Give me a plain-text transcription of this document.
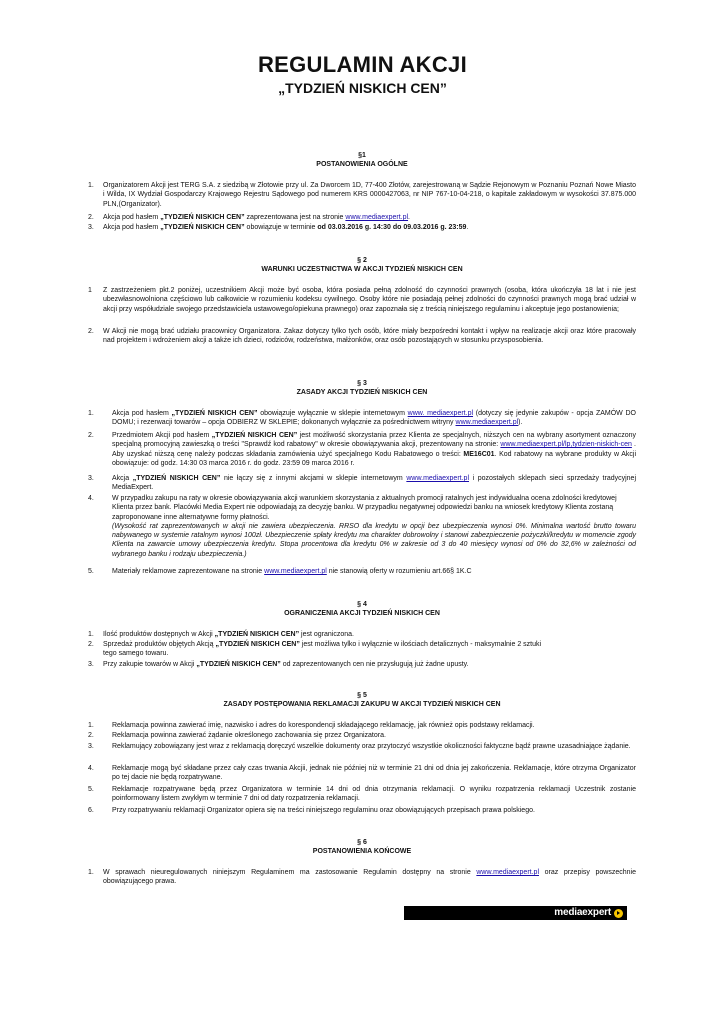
REGULAMIN AKCJI
„TYDZIEŃ NISKICH CEN”
§1
POSTANOWIENIA OGÓLNE
1. Organizatorem Akcji jest TERG S.A. z siedzibą w Złotowie przy ul. Za Dworcem 1D, 77-400 Złotów, zarejestrowaną w Sądzie Rejonowym w Poznaniu Poznań Nowe Miasto i Wilda, IX Wydział Gospodarczy Krajowego Rejestru Sądowego pod numerem KRS 0000427063, nr NIP 767-10-04-218, o kapitale zakładowym w wysokości 37.875.000 PLN,(Organizator).
2. Akcja pod hasłem „TYDZIEŃ NISKICH CEN” zaprezentowana jest na stronie www.mediaexpert.pl.
3. Akcja pod hasłem „TYDZIEŃ NISKICH CEN” obowiązuje w terminie od 03.03.2016 g. 14:30 do 09.03.2016 g. 23:59.
§ 2
WARUNKI UCZESTNICTWA W AKCJI TYDZIEŃ NISKICH CEN
1 Z zastrzeżeniem pkt.2 poniżej, uczestnikiem Akcji może być osoba, która posiada pełną zdolność do czynności prawnych (osoba, która ukończyła 18 lat i nie jest ubezwłasnowolniona częściowo lub całkowicie w rozumieniu kodeksu cywilnego. Osoby które nie posiadają pełnej zdolności do czynności prawnych mogą brać udział w akcji przy współudziale swojego przedstawiciela ustawowego/opiekuna prawnego) oraz zapoznała się z treścią niniejszego regulaminu i akceptuje jego postanowienia;
2. W Akcji nie mogą brać udziału pracownicy Organizatora. Zakaz dotyczy tylko tych osób, które miały bezpośredni kontakt i wpływ na realizacje akcji oraz które pracowały nad projektem i wdrożeniem akcji a także ich dzieci, rodziców, rodzeństwa, małżonków, oraz osób pozostających w stosunku przysposobienia.
§ 3
ZASADY AKCJI TYDZIEŃ NISKICH CEN
1.	Akcja pod hasłem „TYDZIEŃ NISKICH CEN” obowiązuje wyłącznie w sklepie internetowym www. mediaexpert.pl (dotyczy się jedynie zakupów - opcja ZAMÓW DO DOMU; i rezerwacji towarów – opcja ODBIERZ W SKLEPIE; dokonanych wyłącznie za pośrednictwem witryny www.mediaexpert.pl).
2.	Przedmiotem Akcji pod hasłem „TYDZIEŃ NISKICH CEN” jest możliwość skorzystania przez Klienta ze specjalnych, niższych cen na wybrany asortyment oznaczony specjalną promocyjną zawieszką o treści "Sprawdź kod rabatowy" w okresie obowiązywania akcji, prezentowany na stronie: www.mediaexpert.pl/lp,tydzien-niskich-cen . Aby uzyskać niższą cenę należy podczas składania zamówienia użyć specjalnego Kodu Rabatowego o treści: ME16C01. Kod rabatowy na wybrane produkty w Akcji obowiązuje: od godz. 14:30 03 marca 2016 r. do godz. 23:59 09 marca 2016 r.
3.	Akcja „TYDZIEŃ NISKICH CEN” nie łączy się z innymi akcjami w sklepie internetowym www.mediaexpert.pl i pozostałych sklepach sieci sprzedaży tradycyjnej MediaExpert.
4.	W przypadku zakupu na raty w okresie obowiązywania akcji warunkiem skorzystania z aktualnych promocji ratalnych jest indywidualna ocena zdolności kredytowej Klienta przez bank. Placówki Media Expert nie odpowiadają za decyzję banku. W przypadku negatywnej odpowiedzi banku na wniosek kredytowy Klienta zostaną zaproponowane inne alternatywne formy płatności.
(Wysokość rat zaprezentowanych w akcji nie zawiera ubezpieczenia. RRSO dla kredytu w opcji bez ubezpieczenia wynosi 0%. Minimalna wartość brutto towaru nabywanego w systemie ratalnym wynosi 100zł. Ubezpieczenie spłaty kredytu ma charakter dobrowolny i stanowi zabezpieczenie pożyczki/kredytu w momencie zgody Klienta na zawarcie umowy ubezpieczenia kredytu. Stopa procentowa dla kredytu 0% w zakresie od 3 do 40 miesięcy wynosi od 0% do 32,6% w zależności od wybranego banku i rodzaju ubezpieczenia.)
5.	Materiały reklamowe zaprezentowane na stronie www.mediaexpert.pl nie stanowią oferty w rozumieniu art.66§ 1K.C
§ 4
OGRANICZENIA AKCJI TYDZIEŃ NISKICH CEN
1. Ilość produktów dostępnych w Akcji „TYDZIEŃ NISKICH CEN” jest ograniczona.
2. Sprzedaż produktów objętych Akcją „TYDZIEŃ NISKICH CEN” jest możliwa tylko i wyłącznie w ilościach detalicznych - maksymalnie 2 sztuki tego samego towaru.
3. Przy zakupie towarów w Akcji „TYDZIEŃ NISKICH CEN” od zaprezentowanych cen nie przysługują już żadne upusty.
§ 5
ZASADY POSTĘPOWANIA REKLAMACJI ZAKUPU W AKCJI TYDZIEŃ NISKICH CEN
1.	Reklamacja powinna zawierać imię, nazwisko i adres do korespondencji składającego reklamację, jak również opis podstawy reklamacji.
2.	Reklamacja powinna zawierać żądanie określonego zachowania się przez Organizatora.
3.	Reklamujący zobowiązany jest wraz z reklamacją doręczyć wszelkie dokumenty oraz przytoczyć wszystkie okoliczności faktyczne bądź prawne uzasadniające żądanie.
4.	Reklamacje mogą być składane przez cały czas trwania Akcjii, jednak nie później niż w terminie 21 dni od dnia jej zakończenia. Reklamacje, które otrzyma Organizator po tej dacie nie będą rozpatrywane.
5.	Reklamacje rozpatrywane będą przez Organizatora w terminie 14 dni od dnia otrzymania reklamacji. O wyniku rozpatrzenia reklamacji Uczestnik zostanie poinformowany listem zwykłym w terminie 7 dni od daty rozpatrzenia reklamacji.
6.	Przy rozpatrywaniu reklamacji Organizator opiera się na treści niniejszego regulaminu oraz obowiązujących przepisach prawa polskiego.
§ 6
POSTANOWIENIA KOŃCOWE
1. W sprawach nieuregulowanych niniejszym Regulaminem ma zastosowanie Regulamin dostępny na stronie www.mediaexpert.pl oraz przepisy powszechnie obowiązującego prawa.
mediaexpert
